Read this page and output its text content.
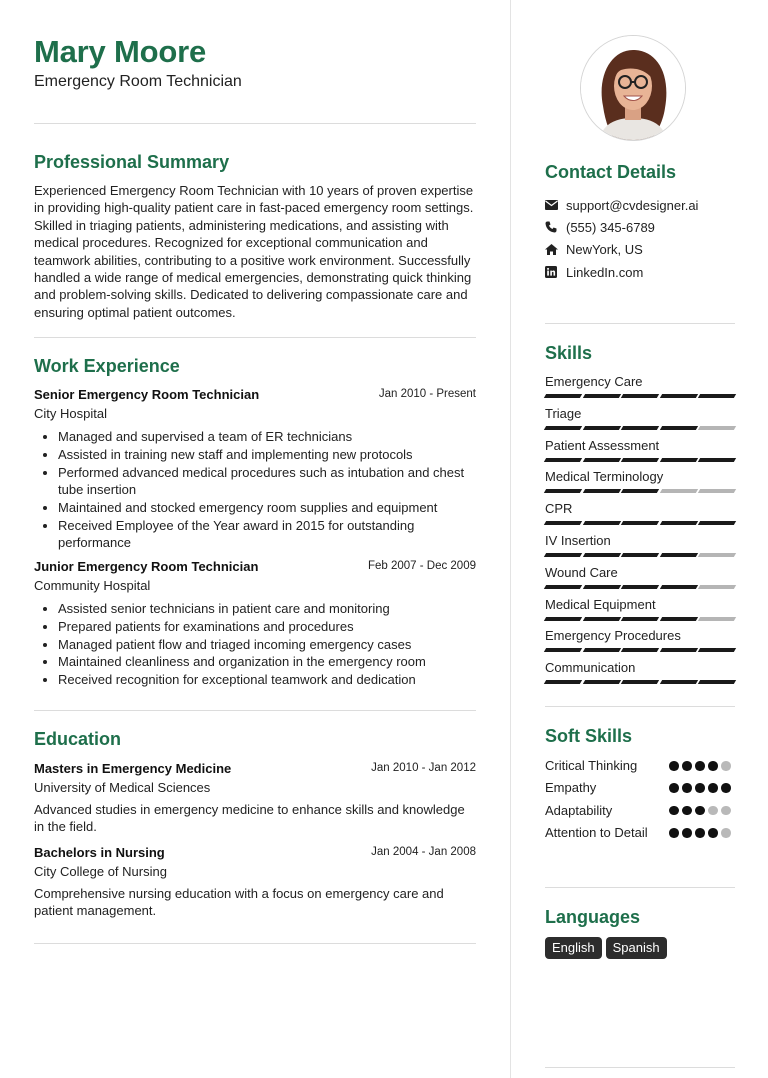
Mary Moore
Emergency Room Technician
Professional Summary
Experienced Emergency Room Technician with 10 years of proven expertise in providing high-quality patient care in fast-paced emergency room settings. Skilled in triaging patients, administering medications, and assisting with medical procedures. Recognized for exceptional communication and teamwork abilities, contributing to a positive work environment. Successfully handled a wide range of medical emergencies, demonstrating quick thinking and problem-solving skills. Dedicated to delivering compassionate care and ensuring optimal patient outcomes.
Work Experience
Senior Emergency Room Technician	Jan 2010 - Present
City Hospital
• Managed and supervised a team of ER technicians
• Assisted in training new staff and implementing new protocols
• Performed advanced medical procedures such as intubation and chest tube insertion
• Maintained and stocked emergency room supplies and equipment
• Received Employee of the Year award in 2015 for outstanding performance
Junior Emergency Room Technician	Feb 2007 - Dec 2009
Community Hospital
• Assisted senior technicians in patient care and monitoring
• Prepared patients for examinations and procedures
• Managed patient flow and triaged incoming emergency cases
• Maintained cleanliness and organization in the emergency room
• Received recognition for exceptional teamwork and dedication
Education
Masters in Emergency Medicine	Jan 2010 - Jan 2012
University of Medical Sciences
Advanced studies in emergency medicine to enhance skills and knowledge in the field.
Bachelors in Nursing	Jan 2004 - Jan 2008
City College of Nursing
Comprehensive nursing education with a focus on emergency care and patient management.
Contact Details
support@cvdesigner.ai
(555) 345-6789
NewYork, US
LinkedIn.com
Skills
Emergency Care
Triage
Patient Assessment
Medical Terminology
CPR
IV Insertion
Wound Care
Medical Equipment
Emergency Procedures
Communication
Soft Skills
Critical Thinking
Empathy
Adaptability
Attention to Detail
Languages
English	Spanish
